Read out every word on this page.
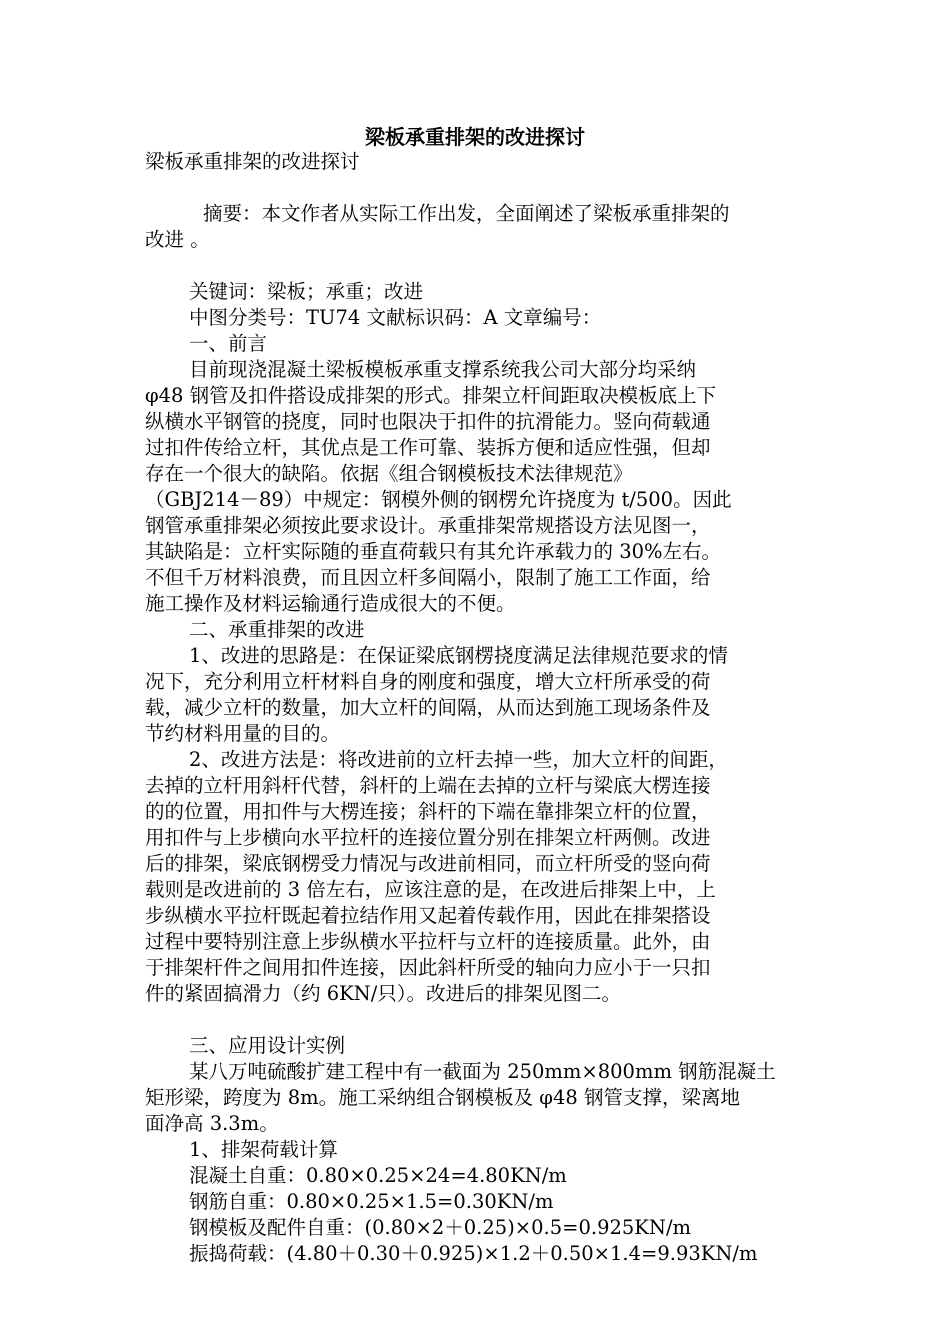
梁板承重排架的改进探讨
梁板承重排架的改进探讨
摘要：本文作者从实际工作出发，全面阐述了梁板承重排架的
改进 。
关键词：梁板；承重；改进
中图分类号：TU74 文献标识码：A 文章编号：
一、前言
目前现浇混凝土梁板模板承重支撑系统我公司大部分均采纳
φ48 钢管及扣件搭设成排架的形式。排架立杆间距取决模板底上下
纵横水平钢管的挠度，同时也限决于扣件的抗滑能力。竖向荷载通
过扣件传给立杆，其优点是工作可靠、装拆方便和适应性强，但却
存在一个很大的缺陷。依据《组合钢模板技术法律规范》
（GBJ214－89）中规定：钢模外侧的钢楞允许挠度为 t/500。因此
钢管承重排架必须按此要求设计。承重排架常规搭设方法见图一，
其缺陷是：立杆实际随的垂直荷载只有其允许承载力的 30%左右。
不但千万材料浪费，而且因立杆多间隔小，限制了施工工作面，给
施工操作及材料运输通行造成很大的不便。
二、承重排架的改进
1、改进的思路是：在保证梁底钢楞挠度满足法律规范要求的情
况下，充分利用立杆材料自身的刚度和强度，增大立杆所承受的荷
载，减少立杆的数量，加大立杆的间隔，从而达到施工现场条件及
节约材料用量的目的。
2、改进方法是：将改进前的立杆去掉一些，加大立杆的间距，
去掉的立杆用斜杆代替，斜杆的上端在去掉的立杆与梁底大楞连接
的的位置，用扣件与大楞连接；斜杆的下端在靠排架立杆的位置，
用扣件与上步横向水平拉杆的连接位置分别在排架立杆两侧。改进
后的排架，梁底钢楞受力情况与改进前相同，而立杆所受的竖向荷
载则是改进前的 3 倍左右，应该注意的是，在改进后排架上中，上
步纵横水平拉杆既起着拉结作用又起着传载作用，因此在排架搭设
过程中要特别注意上步纵横水平拉杆与立杆的连接质量。此外，由
于排架杆件之间用扣件连接，因此斜杆所受的轴向力应小于一只扣
件的紧固搞滑力（约 6KN/只）。改进后的排架见图二。
三、应用设计实例
某八万吨硫酸扩建工程中有一截面为 250mm×800mm 钢筋混凝土
矩形梁，跨度为 8m。施工采纳组合钢模板及 φ48 钢管支撑，梁离地
面净高 3.3m。
1、排架荷载计算
混凝土自重：0.80×0.25×24=4.80KN/m
钢筋自重：0.80×0.25×1.5=0.30KN/m
钢模板及配件自重：(0.80×2＋0.25)×0.5=0.925KN/m
振捣荷载：(4.80＋0.30＋0.925)×1.2＋0.50×1.4=9.93KN/m
